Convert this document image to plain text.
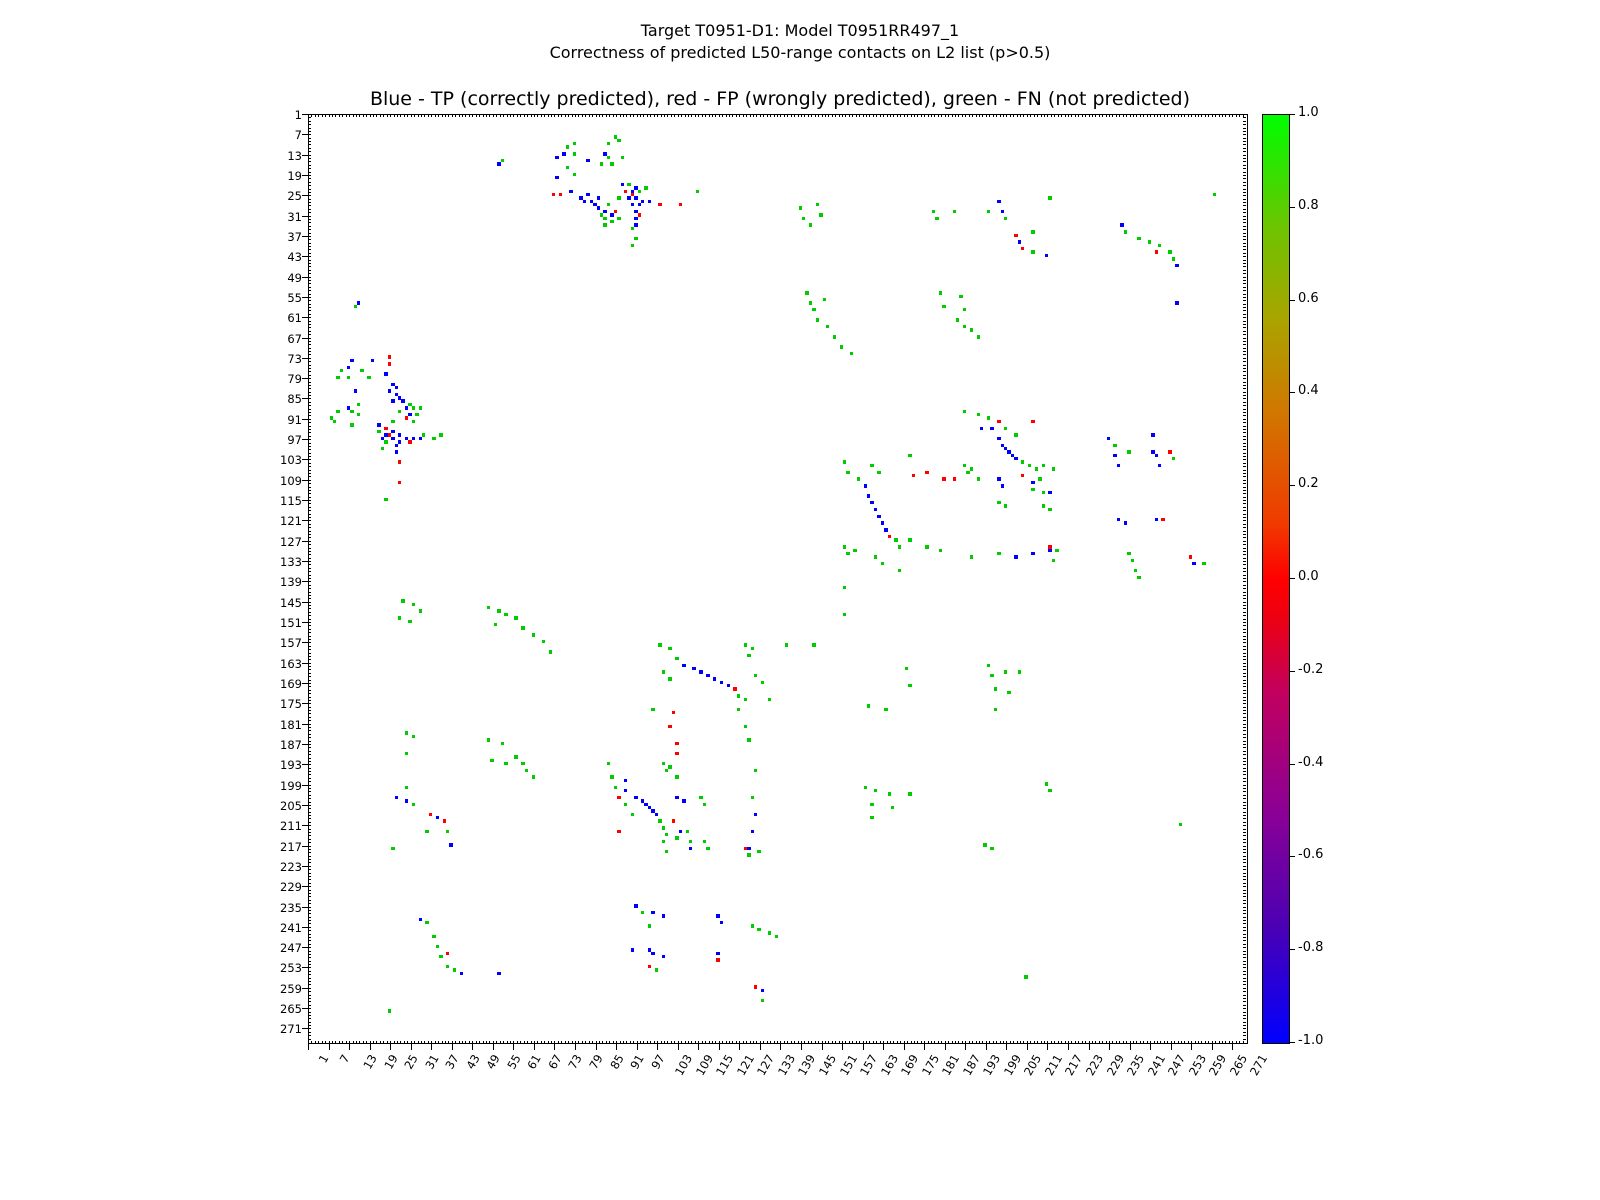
Target T0951-D1: Model T0951RR497_1
Correctness of predicted L50-range contacts on L2 list (p>0.5)
Blue - TP (correctly predicted), red - FP (wrongly predicted), green - FN (not predicted)
1
7
13
19
25
31
37
43
49
55
61
67
73
79
85
91
97
103
109
115
121
127
133
139
145
151
157
163
169
175
181
187
193
199
205
211
217
223
229
235
241
247
253
259
265
271
1 7 13 19 25 31 37 43 49 55 61 67 73 79 85 91 97 103
109
115
121
127
133
139
145
151
157
163
169
175
181
187
193
199
205
211
217
223
229
235
241
247
253
259
265
271
1.0
0.8
0.6
0.4
0.2
0.0
-0.2
-0.4
-0.6
-0.8
-1.0
